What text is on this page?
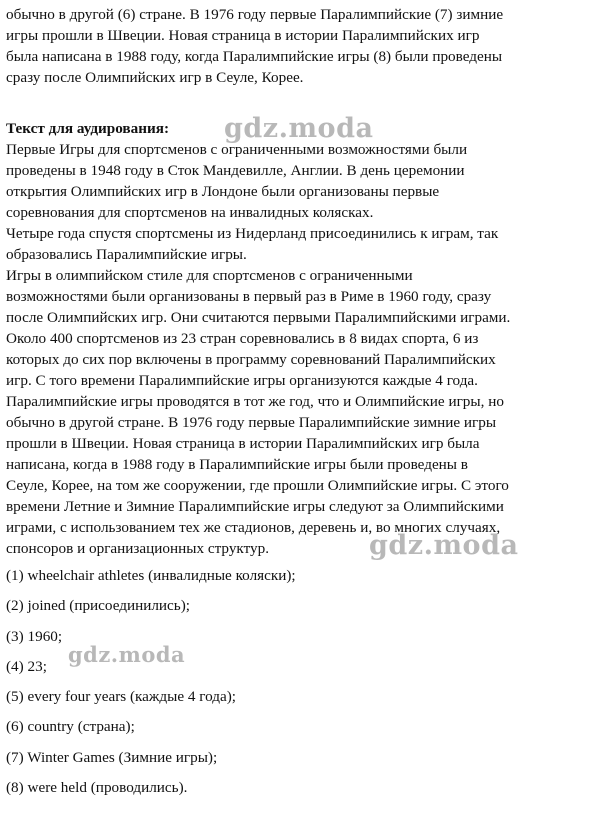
обычно в другой (6) стране. В 1976 году первые Паралимпийские (7) зимние
игры прошли в Швеции. Новая страница в истории Паралимпийских игр
была написана в 1988 году, когда Паралимпийские игры (8) были проведены
сразу после Олимпийских игр в Сеуле, Корее.
Текст для аудирования:
Первые Игры для спортсменов с ограниченными возможностями были
проведены в 1948 году в Сток Мандевилле, Англии. В день церемонии
открытия Олимпийских игр в Лондоне были организованы первые
соревнования для спортсменов на инвалидных колясках.
Четыре года спустя спортсмены из Нидерланд присоединились к играм, так
образовались Паралимпийские игры.
Игры в олимпийском стиле для спортсменов с ограниченными
возможностями были организованы в первый раз в Риме в 1960 году, сразу
после Олимпийских игр. Они считаются первыми Паралимпийскими играми.
Около 400 спортсменов из 23 стран соревновались в 8 видах спорта, 6 из
которых до сих пор включены в программу соревнований Паралимпийских
игр. С того времени Паралимпийские игры организуются каждые 4 года.
Паралимпийские игры проводятся в тот же год, что и Олимпийские игры, но
обычно в другой стране. В 1976 году первые Паралимпийские зимние игры
прошли в Швеции. Новая страница в истории Паралимпийских игр была
написана, когда в 1988 году в Паралимпийские игры были проведены в
Сеуле, Корее, на том же сооружении, где прошли Олимпийские игры. С этого
времени Летние и Зимние Паралимпийские игры следуют за Олимпийскими
играми, с использованием тех же стадионов, деревень и, во многих случаях,
спонсоров и организационных структур.
(1) wheelchair athletes (инвалидные коляски);
(2) joined (присоединились);
(3) 1960;
(4) 23;
(5) every four years (каждые 4 года);
(6) country (страна);
(7) Winter Games (Зимние игры);
(8) were held (проводились).
gdz.moda
gdz.moda
gdz.moda
